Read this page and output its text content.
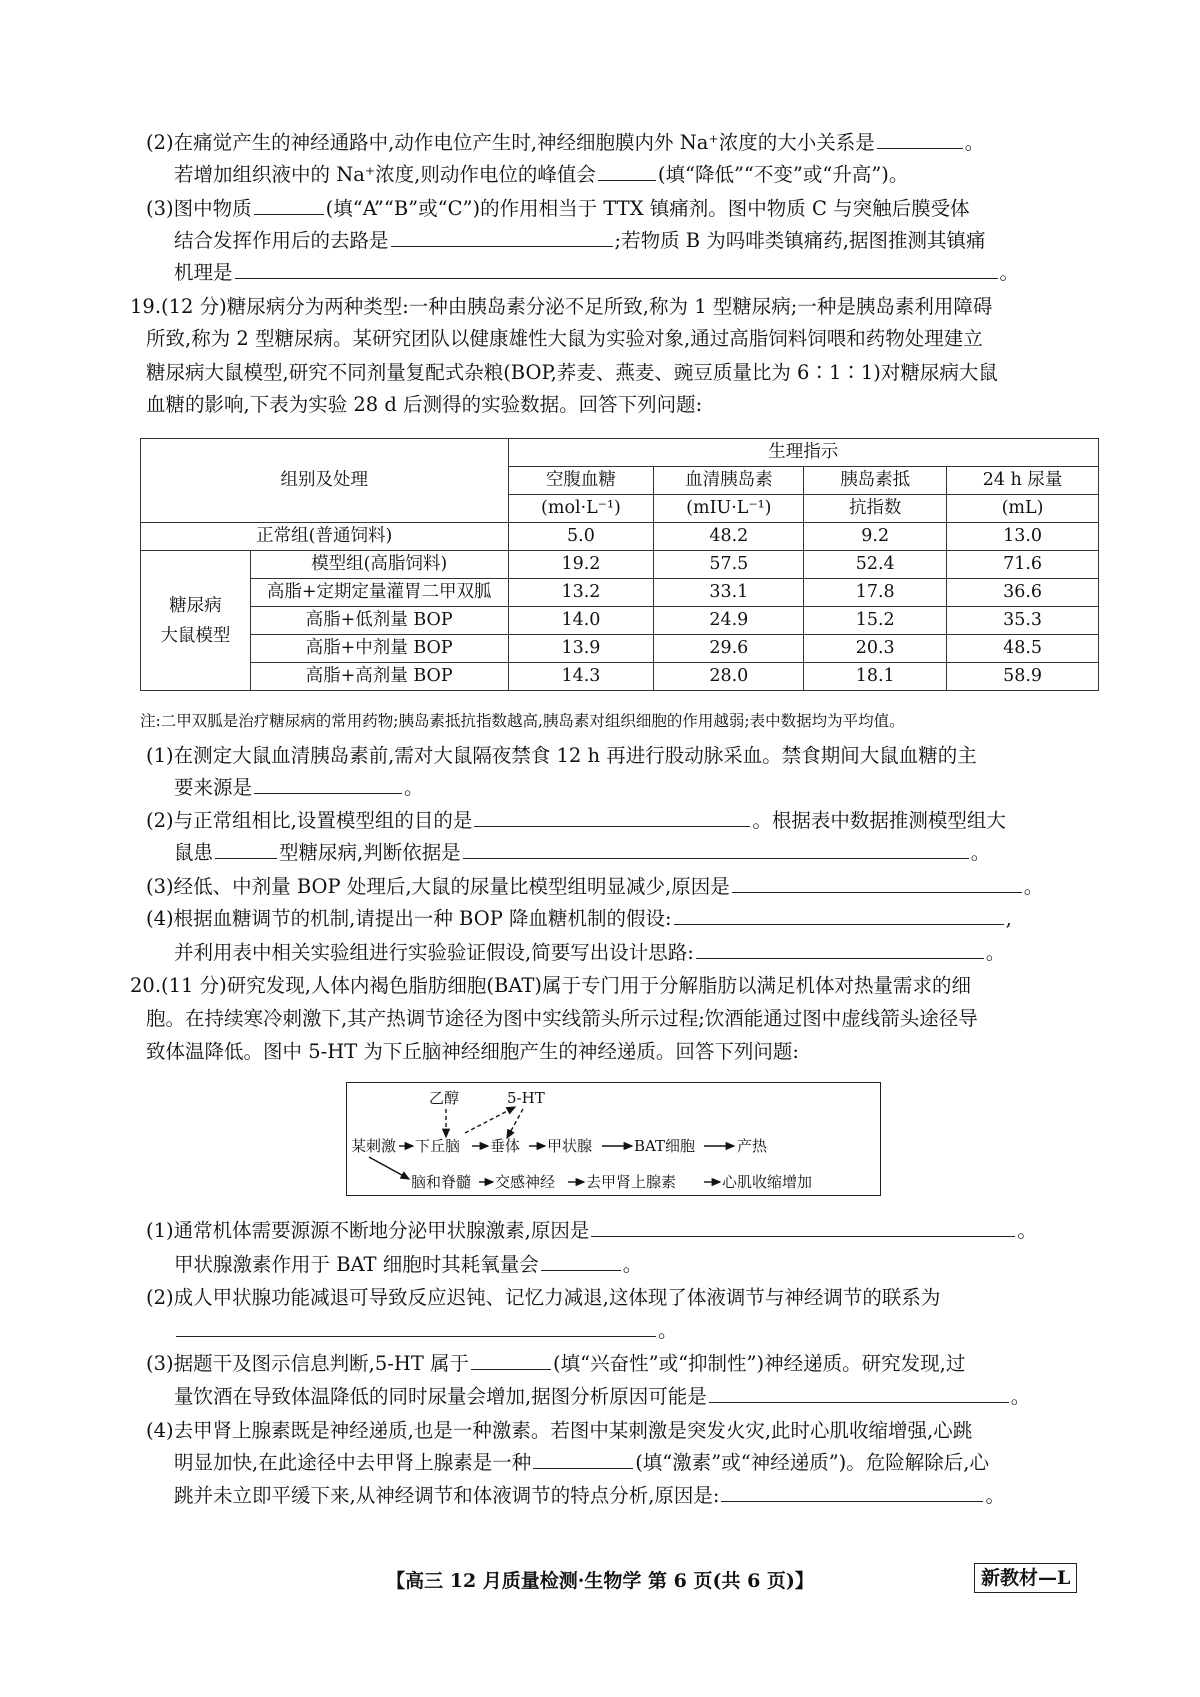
(2)在痛觉产生的神经通路中,动作电位产生时,神经细胞膜内外 Na⁺浓度的大小关系是	。
若增加组织液中的 Na⁺浓度,则动作电位的峰值会	(填“降低”“不变”或“升高”)。
(3)图中物质	(填“A”“B”或“C”)的作用相当于 TTX 镇痛剂。图中物质 C 与突触后膜受体
结合发挥作用后的去路是	;若物质 B 为吗啡类镇痛药,据图推测其镇痛
机理是	。
19.(12 分)糖尿病分为两种类型:一种由胰岛素分泌不足所致,称为 1 型糖尿病;一种是胰岛素利用障碍
所致,称为 2 型糖尿病。某研究团队以健康雄性大鼠为实验对象,通过高脂饲料饲喂和药物处理建立
糖尿病大鼠模型,研究不同剂量复配式杂粮(BOP,荞麦、燕麦、豌豆质量比为 6∶1∶1)对糖尿病大鼠
血糖的影响,下表为实验 28 d 后测得的实验数据。回答下列问题:
组别及处理		生理指示			
		空腹血糖	血清胰岛素	胰岛素抵	24 h 尿量
		(mol·L⁻¹)	(mIU·L⁻¹)	抗指数	(mL)
正常组(普通饲料)		5.0	48.2	9.2	13.0
糖尿病
大鼠模型	模型组(高脂饲料)	19.2	57.5	52.4	71.6
	高脂+定期定量灌胃二甲双胍	13.2	33.1	17.8	36.6
	高脂+低剂量 BOP	14.0	24.9	15.2	35.3
	高脂+中剂量 BOP	13.9	29.6	20.3	48.5
	高脂+高剂量 BOP	14.3	28.0	18.1	58.9
注:二甲双胍是治疗糖尿病的常用药物;胰岛素抵抗指数越高,胰岛素对组织细胞的作用越弱;表中数据均为平均值。
(1)在测定大鼠血清胰岛素前,需对大鼠隔夜禁食 12 h 再进行股动脉采血。禁食期间大鼠血糖的主
要来源是	。
(2)与正常组相比,设置模型组的目的是	。根据表中数据推测模型组大
鼠患	型糖尿病,判断依据是	。
(3)经低、中剂量 BOP 处理后,大鼠的尿量比模型组明显减少,原因是	。
(4)根据血糖调节的机制,请提出一种 BOP 降血糖机制的假设:	,
并利用表中相关实验组进行实验验证假设,简要写出设计思路:	。
20.(11 分)研究发现,人体内褐色脂肪细胞(BAT)属于专门用于分解脂肪以满足机体对热量需求的细
胞。在持续寒冷刺激下,其产热调节途径为图中实线箭头所示过程;饮酒能通过图中虚线箭头途径导
致体温降低。图中 5-HT 为下丘脑神经细胞产生的神经递质。回答下列问题:
乙醇	5-HT
某刺激 下丘脑 垂体 甲状腺	BAT细胞	产热
脑和脊髓 交感神经 去甲肾上腺素	心肌收缩增加
(1)通常机体需要源源不断地分泌甲状腺激素,原因是	。
甲状腺激素作用于 BAT 细胞时其耗氧量会	。
(2)成人甲状腺功能减退可导致反应迟钝、记忆力减退,这体现了体液调节与神经调节的联系为
。
(3)据题干及图示信息判断,5-HT 属于	(填“兴奋性”或“抑制性”)神经递质。研究发现,过
量饮酒在导致体温降低的同时尿量会增加,据图分析原因可能是	。
(4)去甲肾上腺素既是神经递质,也是一种激素。若图中某刺激是突发火灾,此时心肌收缩增强,心跳
明显加快,在此途径中去甲肾上腺素是一种	(填“激素”或“神经递质”)。危险解除后,心
跳并未立即平缓下来,从神经调节和体液调节的特点分析,原因是:	。
【高三 12 月质量检测·生物学 第 6 页(共 6 页)】	新教材—L
